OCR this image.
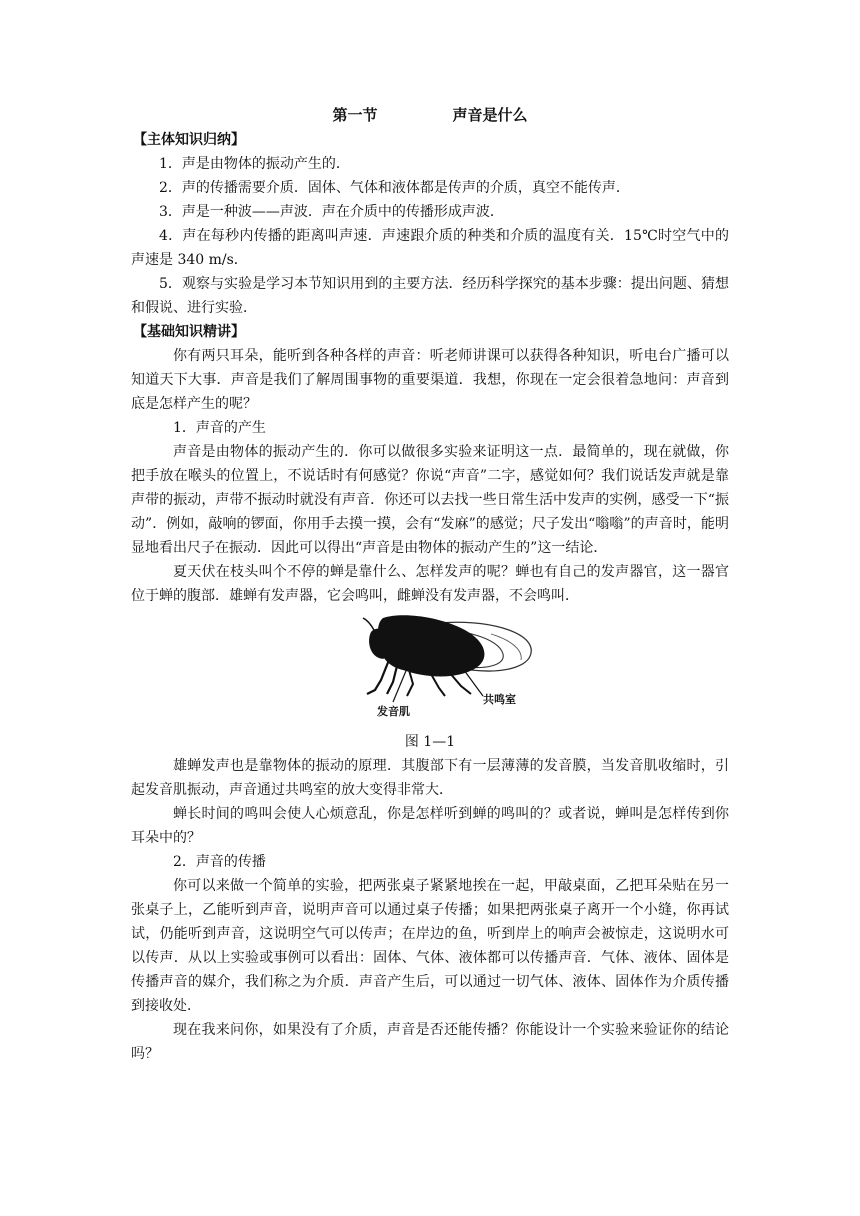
第一节　　　　　声音是什么
【主体知识归纳】

1．声是由物体的振动产生的．

2．声的传播需要介质．固体、气体和液体都是传声的介质，真空不能传声．

3．声是一种波——声波．声在介质中的传播形成声波．

4．声在每秒内传播的距离叫声速．声速跟介质的种类和介质的温度有关．15℃时空气中的声速是 340 m/s．

5．观察与实验是学习本节知识用到的主要方法．经历科学探究的基本步骤：提出问题、猜想和假说、进行实验．

【基础知识精讲】

你有两只耳朵，能听到各种各样的声音：听老师讲课可以获得各种知识，听电台广播可以知道天下大事．声音是我们了解周围事物的重要渠道．我想，你现在一定会很着急地问：声音到底是怎样产生的呢？

1．声音的产生

声音是由物体的振动产生的．你可以做很多实验来证明这一点．最简单的，现在就做，你把手放在喉头的位置上，不说话时有何感觉？你说“声音”二字，感觉如何？我们说话发声就是靠声带的振动，声带不振动时就没有声音．你还可以去找一些日常生活中发声的实例，感受一下“振动”．例如，敲响的锣面，你用手去摸一摸，会有“发麻”的感觉；尺子发出“嗡嗡”的声音时，能明显地看出尺子在振动．因此可以得出“声音是由物体的振动产生的”这一结论．

夏天伏在枝头叫个不停的蝉是靠什么、怎样发声的呢？蝉也有自己的发声器官，这一器官位于蝉的腹部．雄蝉有发声器，它会鸣叫，雌蝉没有发声器，不会鸣叫．

发音肌
共鸣室
图 1—1

雄蝉发声也是靠物体的振动的原理．其腹部下有一层薄薄的发音膜，当发音肌收缩时，引起发音肌振动，声音通过共鸣室的放大变得非常大．

蝉长时间的鸣叫会使人心烦意乱，你是怎样听到蝉的鸣叫的？或者说，蝉叫是怎样传到你耳朵中的？

2．声音的传播

你可以来做一个简单的实验，把两张桌子紧紧地挨在一起，甲敲桌面，乙把耳朵贴在另一张桌子上，乙能听到声音，说明声音可以通过桌子传播；如果把两张桌子离开一个小缝，你再试试，仍能听到声音，这说明空气可以传声；在岸边的鱼，听到岸上的响声会被惊走，这说明水可以传声．从以上实验或事例可以看出：固体、气体、液体都可以传播声音．气体、液体、固体是传播声音的媒介，我们称之为介质．声音产生后，可以通过一切气体、液体、固体作为介质传播到接收处．

现在我来问你，如果没有了介质，声音是否还能传播？你能设计一个实验来验证你的结论吗？
